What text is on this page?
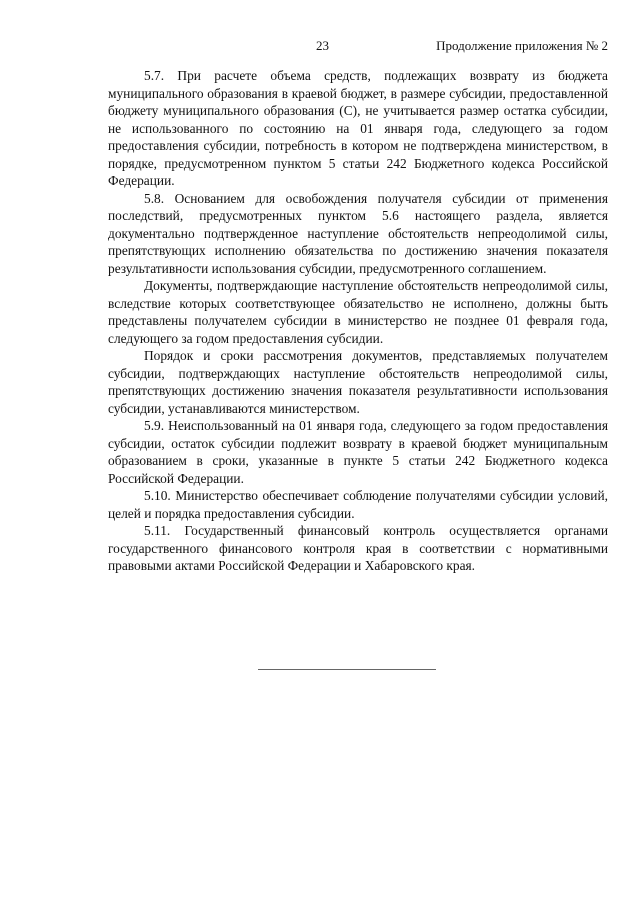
23	Продолжение приложения № 2

5.7. При расчете объема средств, подлежащих возврату из бюджета муниципального образования в краевой бюджет, в размере субсидии, предоставленной бюджету муниципального образования (С), не учитывается размер остатка субсидии, не использованного по состоянию на 01 января года, следующего за годом предоставления субсидии, потребность в котором не подтверждена министерством, в порядке, предусмотренном пунктом 5 статьи 242 Бюджетного кодекса Российской Федерации.

5.8. Основанием для освобождения получателя субсидии от применения последствий, предусмотренных пунктом 5.6 настоящего раздела, является документально подтвержденное наступление обстоятельств непреодолимой силы, препятствующих исполнению обязательства по достижению значения показателя результативности использования субсидии, предусмотренного соглашением.

Документы, подтверждающие наступление обстоятельств непреодолимой силы, вследствие которых соответствующее обязательство не исполнено, должны быть представлены получателем субсидии в министерство не позднее 01 февраля года, следующего за годом предоставления субсидии.

Порядок и сроки рассмотрения документов, представляемых получателем субсидии, подтверждающих наступление обстоятельств непреодолимой силы, препятствующих достижению значения показателя результативности использования субсидии, устанавливаются министерством.

5.9. Неиспользованный на 01 января года, следующего за годом предоставления субсидии, остаток субсидии подлежит возврату в краевой бюджет муниципальным образованием в сроки, указанные в пункте 5 статьи 242 Бюджетного кодекса Российской Федерации.

5.10. Министерство обеспечивает соблюдение получателями субсидии условий, целей и порядка предоставления субсидии.

5.11. Государственный финансовый контроль осуществляется органами государственного финансового контроля края в соответствии с нормативными правовыми актами Российской Федерации и Хабаровского края.
